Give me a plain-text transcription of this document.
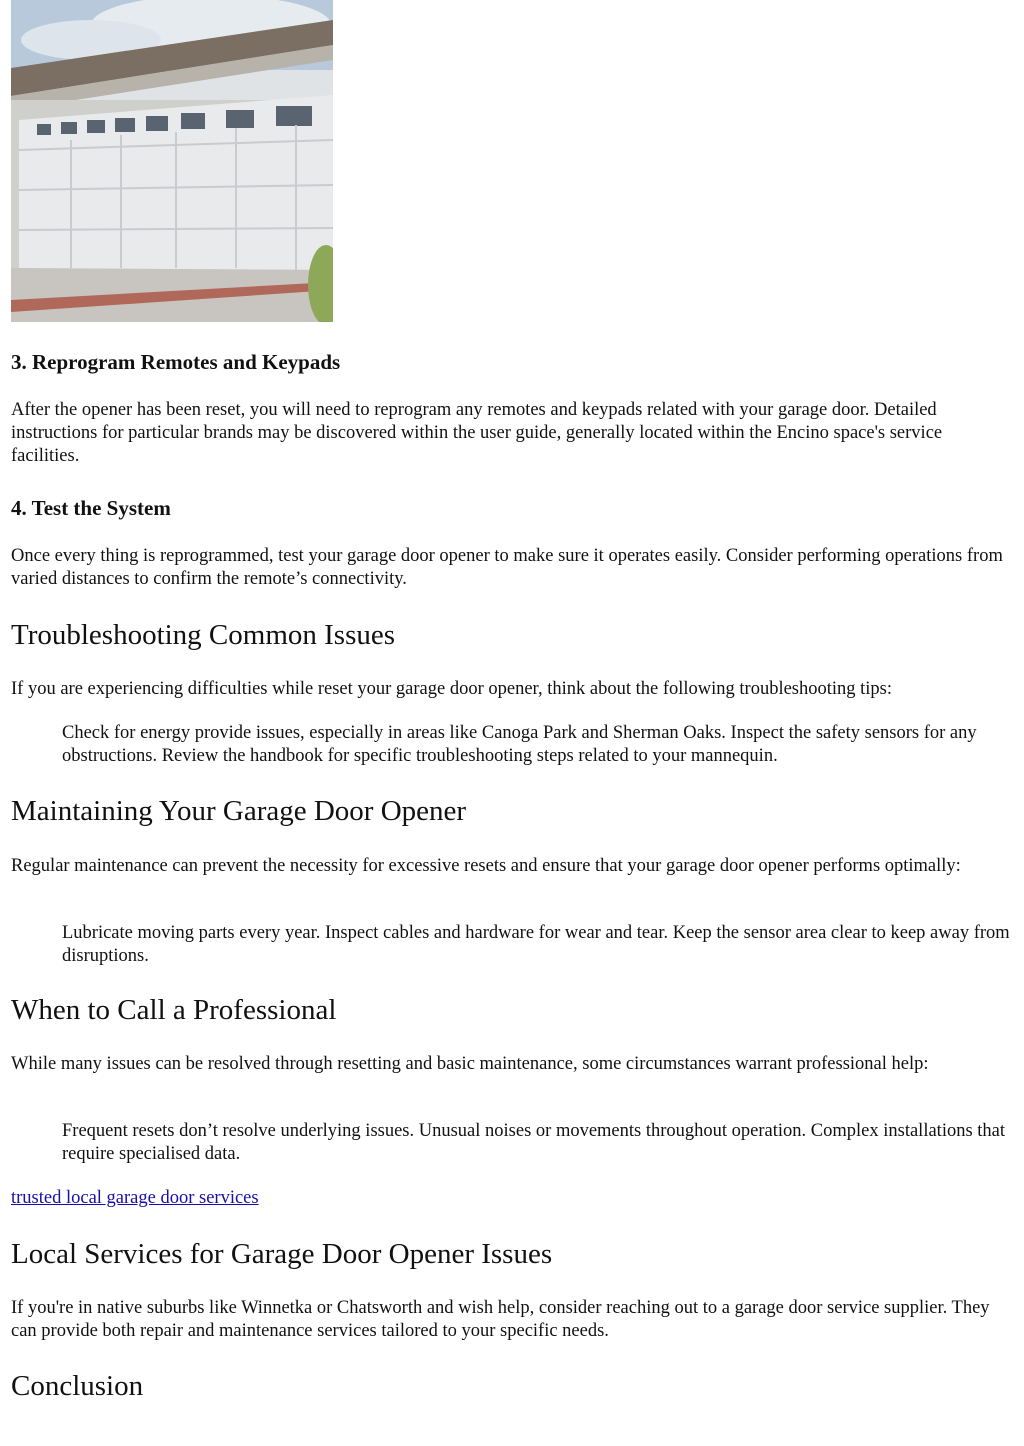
3. Reprogram Remotes and Keypads

After the opener has been reset, you will need to reprogram any remotes and keypads related with your garage door. Detailed instructions for particular brands may be discovered within the user guide, generally located within the Encino space's service facilities.

4. Test the System

Once every thing is reprogrammed, test your garage door opener to make sure it operates easily. Consider performing operations from varied distances to confirm the remote’s connectivity.

Troubleshooting Common Issues

If you are experiencing difficulties while reset your garage door opener, think about the following troubleshooting tips:

Check for energy provide issues, especially in areas like Canoga Park and Sherman Oaks. Inspect the safety sensors for any obstructions. Review the handbook for specific troubleshooting steps related to your mannequin.

Maintaining Your Garage Door Opener

Regular maintenance can prevent the necessity for excessive resets and ensure that your garage door opener performs optimally:

Lubricate moving parts every year. Inspect cables and hardware for wear and tear. Keep the sensor area clear to keep away from disruptions.

When to Call a Professional

While many issues can be resolved through resetting and basic maintenance, some circumstances warrant professional help:

Frequent resets don’t resolve underlying issues. Unusual noises or movements throughout operation. Complex installations that require specialised data.

trusted local garage door services
Local Services for Garage Door Opener Issues

If you're in native suburbs like Winnetka or Chatsworth and wish help, consider reaching out to a garage door service supplier. They can provide both repair and maintenance services tailored to your specific needs.

Conclusion
